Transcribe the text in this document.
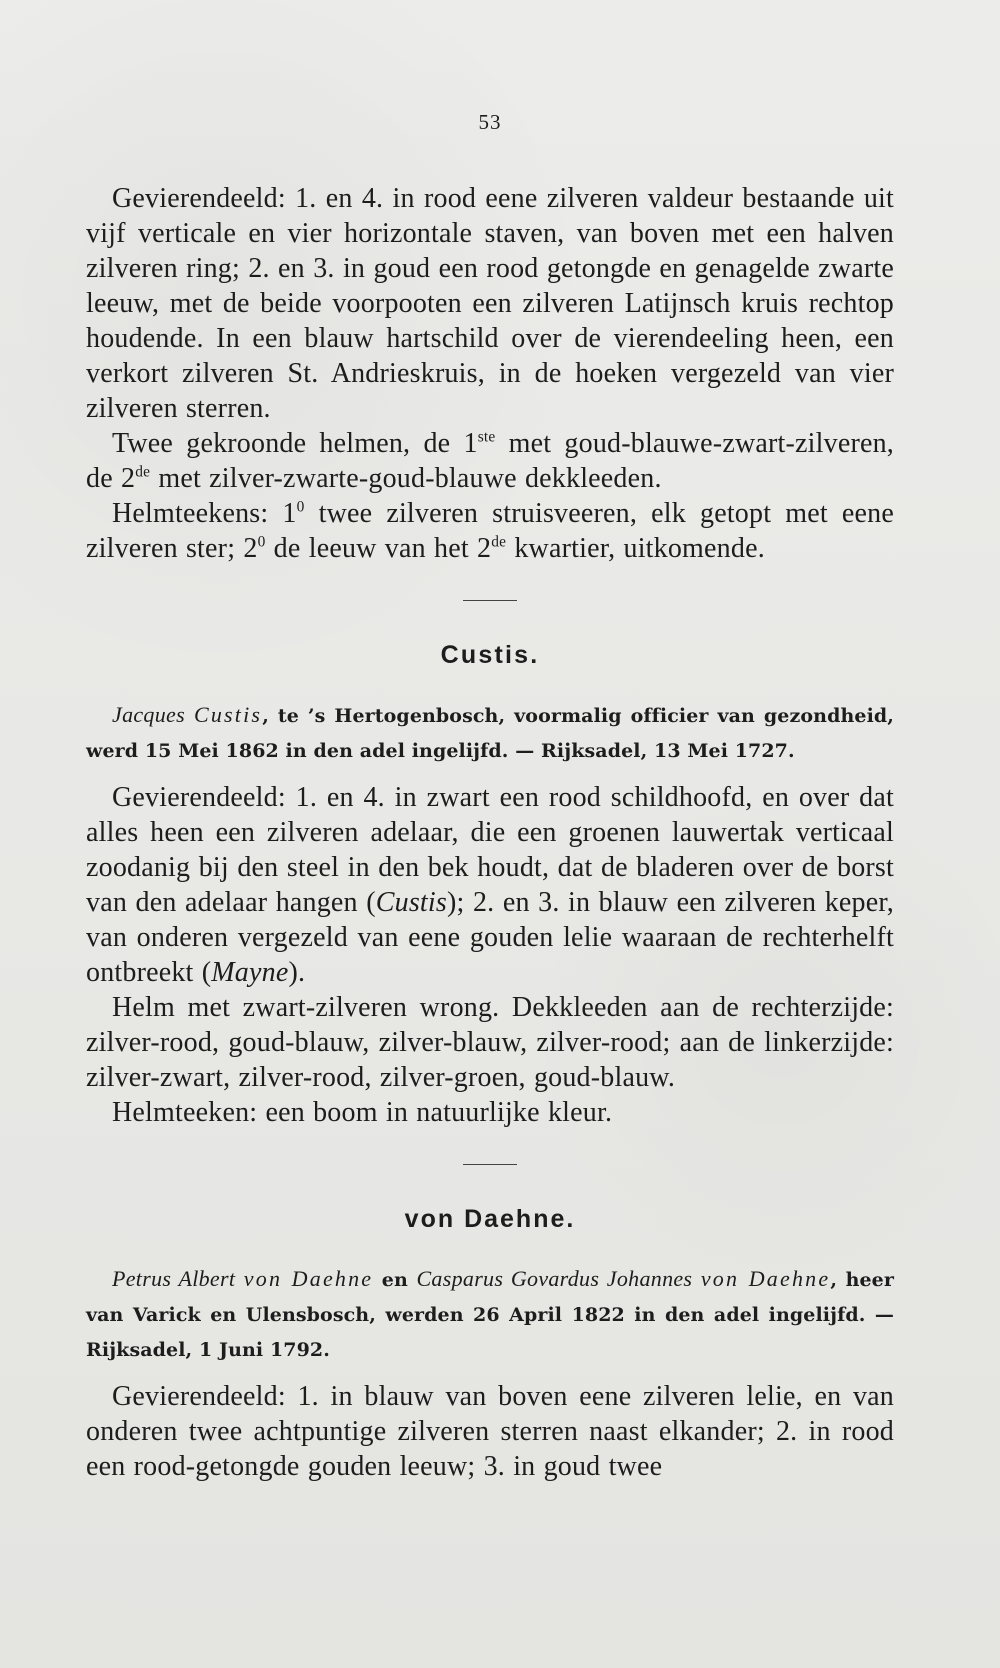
53

Gevierendeeld: 1. en 4. in rood eene zilveren valdeur bestaande uit vijf verticale en vier horizontale staven, van boven met een halven zilveren ring; 2. en 3. in goud een rood getongde en genagelde zwarte leeuw, met de beide voorpooten een zilveren Latijnsch kruis rechtop houdende. In een blauw hartschild over de vierendeeling heen, een verkort zilveren St. Andrieskruis, in de hoeken vergezeld van vier zilveren sterren.

Twee gekroonde helmen, de 1ste met goud-blauwe-zwart-zilveren, de 2de met zilver-zwarte-goud-blauwe dekkleeden.

Helmteekens: $1^0$ twee zilveren struisveeren, elk getopt met eene zilveren ster; $2^0$ de leeuw van het 2de kwartier, uitkomende.

Custis.

Jacques Custis, te ’s Hertogenbosch, voormalig officier van gezondheid, werd 15 Mei 1862 in den adel ingelijfd. — Rijksadel, 13 Mei 1727.

Gevierendeeld: 1. en 4. in zwart een rood schildhoofd, en over dat alles heen een zilveren adelaar, die een groenen lauwertak verticaal zoodanig bij den steel in den bek houdt, dat de bladeren over de borst van den adelaar hangen (Custis); 2. en 3. in blauw een zilveren keper, van onderen vergezeld van eene gouden lelie waaraan de rechterhelft ontbreekt (Mayne).

Helm met zwart-zilveren wrong. Dekkleeden aan de rechterzijde: zilver-rood, goud-blauw, zilver-blauw, zilver-rood; aan de linkerzijde: zilver-zwart, zilver-rood, zilver-groen, goud-blauw.

Helmteeken: een boom in natuurlijke kleur.

von Daehne.

Petrus Albert von Daehne en Casparus Govardus Johannes von Daehne, heer van Varick en Ulensbosch, werden 26 April 1822 in den adel ingelijfd. — Rijksadel, 1 Juni 1792.

Gevierendeeld: 1. in blauw van boven eene zilveren lelie, en van onderen twee achtpuntige zilveren sterren naast elkander; 2. in rood een rood-getongde gouden leeuw; 3. in goud twee
